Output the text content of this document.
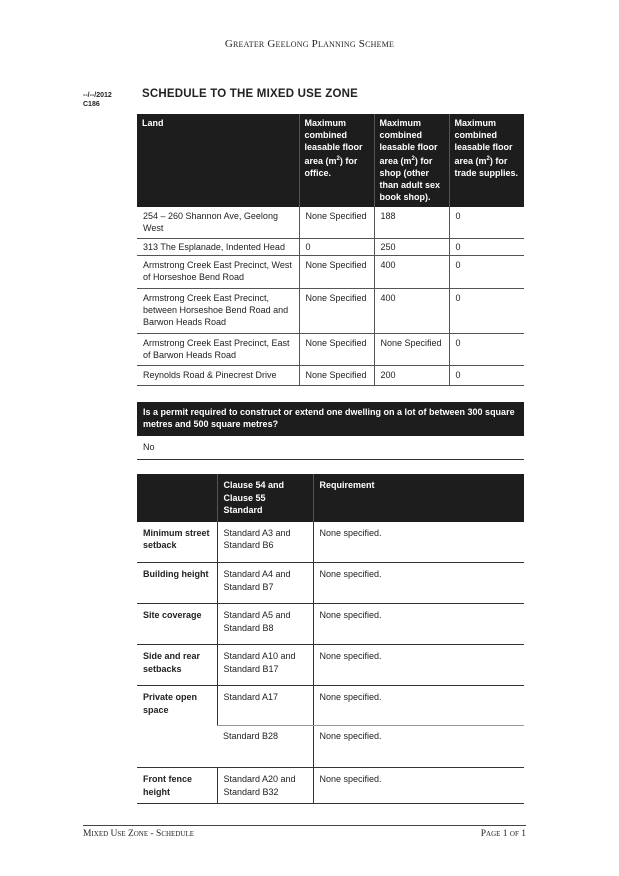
Greater Geelong Planning Scheme
--/--/2012
C186
SCHEDULE TO THE MIXED USE ZONE
Land	Maximum combined leasable floor area $(m^2)$ for office.	Maximum combined leasable floor area $(m^2)$ for shop (other than adult sex book shop).	Maximum combined leasable floor area $(m^2)$ for trade supplies.
254 – 260 Shannon Ave, Geelong West	None Specified	188	0
313 The Esplanade, Indented Head	0	250	0
Armstrong Creek East Precinct, West of Horseshoe Bend Road	None Specified	400	0
Armstrong Creek East Precinct, between Horseshoe Bend Road and Barwon Heads Road	None Specified	400	0
Armstrong Creek East Precinct, East of Barwon Heads Road	None Specified	None Specified	0
Reynolds Road & Pinecrest Drive	None Specified	200	0
Is a permit required to construct or extend one dwelling on a lot of between 300 square metres and 500 square metres?
No
	Clause 54 and Clause 55 Standard	Requirement
Minimum street setback	Standard A3 and Standard B6	None specified.
Building height	Standard A4 and Standard B7	None specified.
Site coverage	Standard A5 and Standard B8	None specified.
Side and rear setbacks	Standard A10 and Standard B17	None specified.
Private open space	Standard A17	None specified.
	Standard B28	None specified.
Front fence height	Standard A20 and Standard B32	None specified.
Mixed Use Zone - Schedule	Page 1 of 1
